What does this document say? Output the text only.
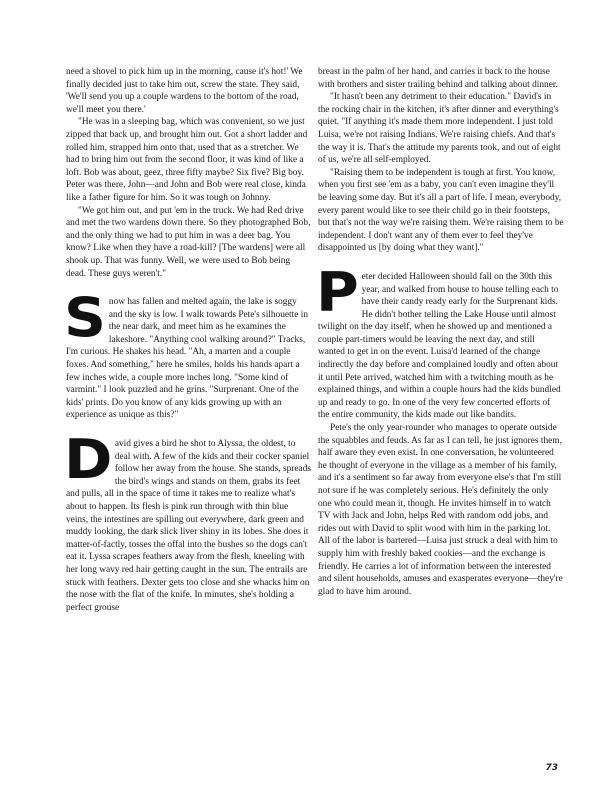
need a shovel to pick him up in the morning, cause it's hot!' We finally decided just to take him out, screw the state. They said, 'We'll send you up a couple wardens to the bottom of the road, we'll meet you there.'

"He was in a sleeping bag, which was convenient, so we just zipped that back up, and brought him out. Got a short ladder and rolled him, strapped him onto that, used that as a stretcher. We had to bring him out from the second floor, it was kind of like a loft. Bob was about, geez, three fifty maybe? Six five? Big boy. Peter was there, John—and John and Bob were real close, kinda like a father figure for him. So it was tough on Johnny.

"We got him out, and put 'em in the truck. We had Red drive and met the two wardens down there. So they photographed Bob, and the only thing we had to put him in was a deer bag. You know? Like when they have a road-kill? [The wardens] were all shook up. That was funny. Well, we were used to Bob being dead. These guys weren't."

Snow has fallen and melted again, the lake is soggy and the sky is low. I walk towards Pete's silhouette in the near dark, and meet him as he examines the lakeshore. "Anything cool walking around?" Tracks, I'm curious. He shakes his head. "Ah, a marten and a couple foxes. And something," here he smiles, holds his hands apart a few inches wide, a couple more inches long. "Some kind of varmint." I look puzzled and he grins. "Surprenant. One of the kids' prints. Do you know of any kids growing up with an experience as unique as this?"

David gives a bird he shot to Alyssa, the oldest, to deal with. A few of the kids and their cocker spaniel follow her away from the house. She stands, spreads the bird's wings and stands on them, grabs its feet and pulls, all in the space of time it takes me to realize what's about to happen. Its flesh is pink run through with thin blue veins, the intestines are spilling out everywhere, dark green and muddy looking, the dark slick liver shiny in its lobes. She does it matter-of-factly, tosses the offal into the bushes so the dogs can't eat it. Lyssa scrapes feathers away from the flesh, kneeling with her long wavy red hair getting caught in the sun. The entrails are stuck with feathers. Dexter gets too close and she whacks him on the nose with the flat of the knife. In minutes, she's holding a perfect grouse

breast in the palm of her hand, and carries it back to the house with brothers and sister trailing behind and talking about dinner.

"It hasn't been any detriment to their education." David's in the rocking chair in the kitchen, it's after dinner and everything's quiet. "If anything it's made them more independent. I just told Luisa, we're not raising Indians. We're raising chiefs. And that's the way it is. That's the attitude my parents took, and out of eight of us, we're all self-employed.

"Raising them to be independent is tough at first. You know, when you first see 'em as a baby, you can't even imagine they'll be leaving some day. But it's all a part of life. I mean, everybody, every parent would like to see their child go in their footsteps, but that's not the way we're raising them. We're raising them to be independent. I don't want any of them ever to feel they've disappointed us [by doing what they want]."

Peter decided Halloween should fall on the 30th this year, and walked from house to house telling each to have their candy ready early for the Surprenant kids. He didn't bother telling the Lake House until almost twilight on the day itself, when he showed up and mentioned a couple part-timers would be leaving the next day, and still wanted to get in on the event. Luisa'd learned of the change indirectly the day before and complained loudly and often about it until Pete arrived, watched him with a twitching mouth as he explained things, and within a couple hours had the kids bundled up and ready to go. In one of the very few concerted efforts of the entire community, the kids made out like bandits.

Pete's the only year-rounder who manages to operate outside the squabbles and feuds. As far as I can tell, he just ignores them, half aware they even exist. In one conversation, he volunteered he thought of everyone in the village as a member of his family, and it's a sentiment so far away from everyone else's that I'm still not sure if he was completely serious. He's definitely the only one who could mean it, though. He invites himself in to watch TV with Jack and John, helps Red with random odd jobs, and rides out with David to split wood with him in the parking lot. All of the labor is bartered—Luisa just struck a deal with him to supply him with freshly baked cookies—and the exchange is friendly. He carries a lot of information between the interested and silent households, amuses and exasperates everyone—they're glad to have him around.

73
